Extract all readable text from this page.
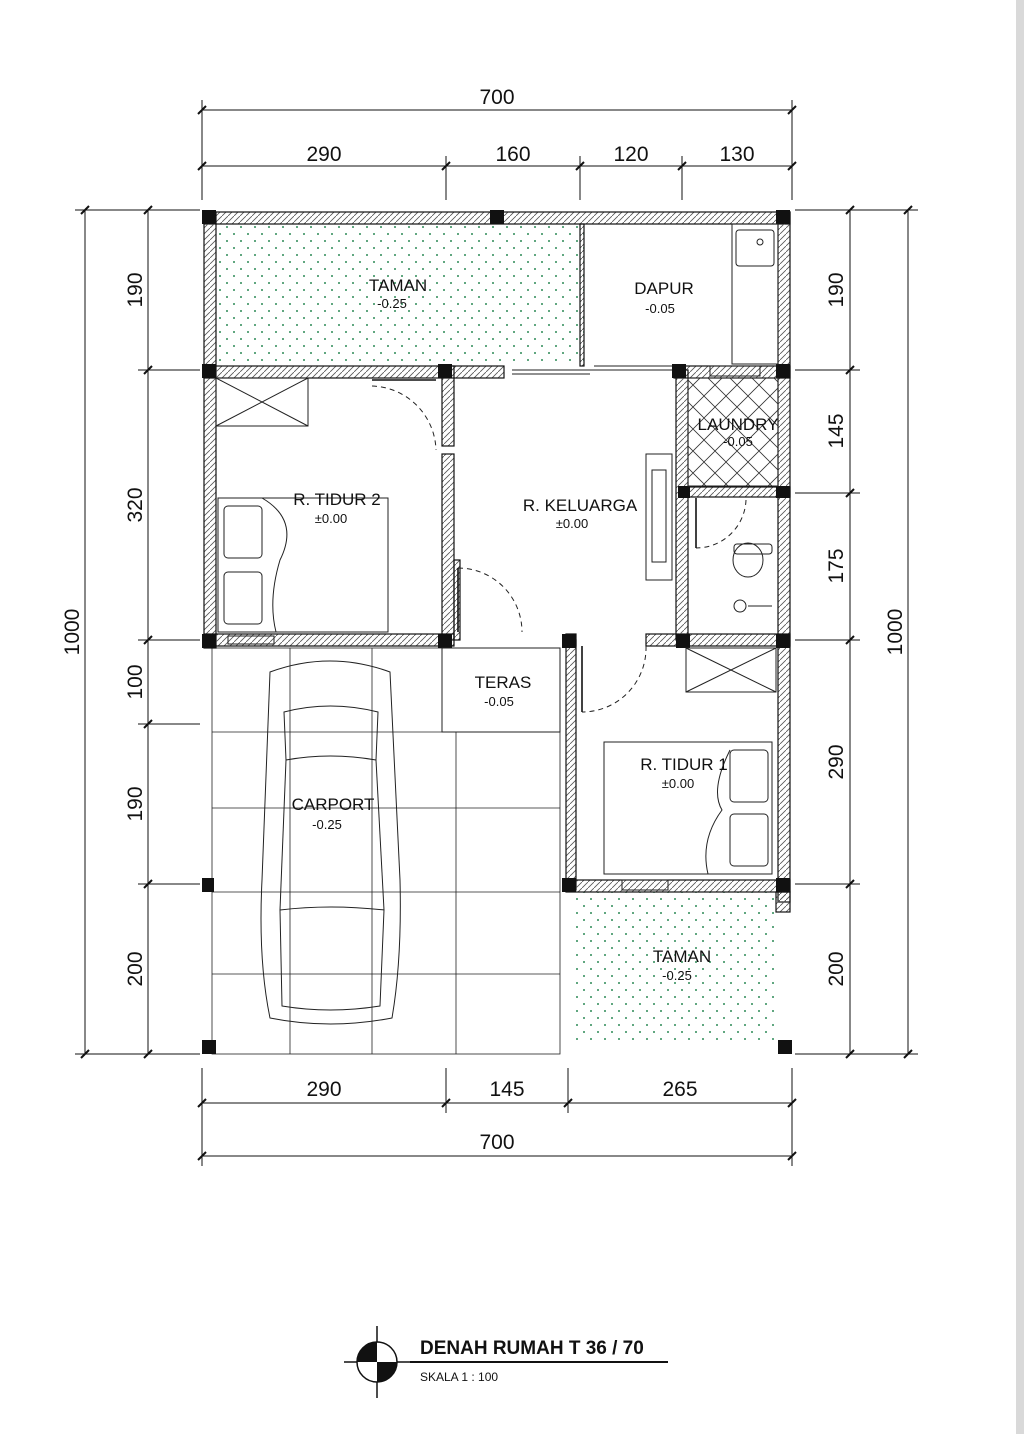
700
290	160	120	130
290	145	265
700
1000
190
320
100
190
200
190
145
175
290
200
1000
TAMAN
-0.25
DAPUR
-0.05
LAUNDRY
-0.05
R. TIDUR 2
±0.00
R. KELUARGA
±0.00
TERAS
-0.05
CARPORT
-0.25
R. TIDUR 1
±0.00
TAMAN
-0.25
DENAH RUMAH T 36 / 70
SKALA 1 : 100
